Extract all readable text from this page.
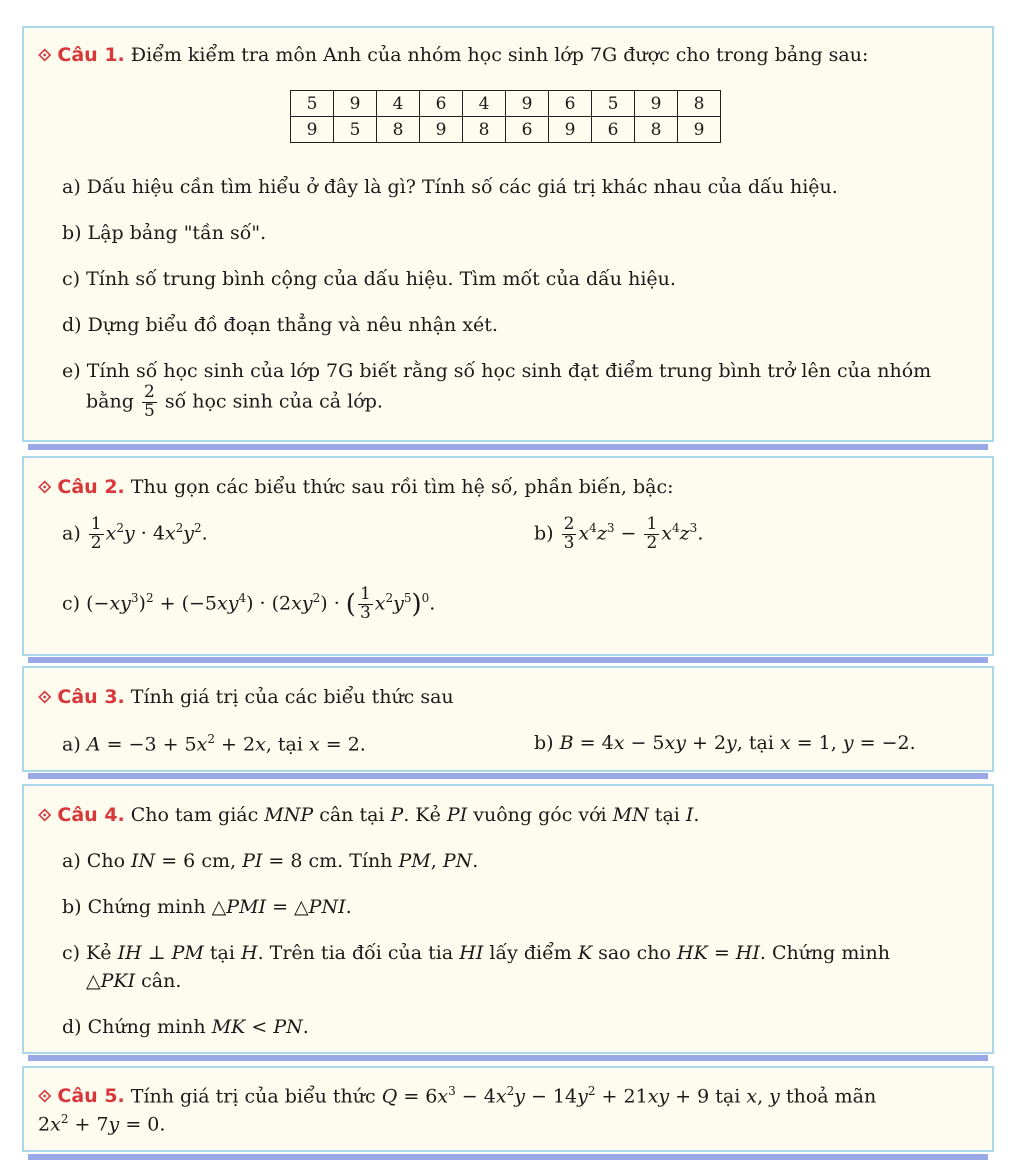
⟐ Câu 1. Điểm kiểm tra môn Anh của nhóm học sinh lớp 7G được cho trong bảng sau:
5	9	4	6	4	9	6	5	9	8
9	5	8	9	8	6	9	6	8	9
a) Dấu hiệu cần tìm hiểu ở đây là gì? Tính số các giá trị khác nhau của dấu hiệu.
b) Lập bảng "tần số".
c) Tính số trung bình cộng của dấu hiệu. Tìm mốt của dấu hiệu.
d) Dựng biểu đồ đoạn thẳng và nêu nhận xét.
e) Tính số học sinh của lớp 7G biết rằng số học sinh đạt điểm trung bình trở lên của nhóm
bằng $\frac{2}{5}$ số học sinh của cả lớp.
⟐ Câu 2. Thu gọn các biểu thức sau rồi tìm hệ số, phần biến, bậc:
$a) \frac{1}{2} x^2y \cdot 4x^2y^2$.	$b) \frac{2}{3} x^4z^3 - \frac{1}{2} x^4z^3$.
c) $(-xy^3)^2 + (-5xy^4) \cdot (2xy^2)$ · ( $\frac{1}{3} x^2y^5)^0$.
⟐ Câu 3. Tính giá trị của các biểu thức sau
a) $A = -3 + 5x^2 + 2x$, tại x = 2.	b) B = 4x − 5xy + 2y, tại x = 1, y = −2.
⟐ Câu 4. Cho tam giác MNP cân tại P. Kẻ PI vuông góc với MN tại I.
a) Cho IN = 6 cm, PI = 8 cm. Tính PM, PN.
b) Chứng minh △PMI = △PNI.
c) Kẻ IH ⊥ PM tại H. Trên tia đối của tia HI lấy điểm K sao cho HK = HI. Chứng minh
△PKI cân.
d) Chứng minh MK < PN.
⟐ Câu 5. Tính giá trị của biểu thức $Q = 6x^3 - 4x^2y - 14y^2 + 21xy + 9$ tại x, y thoả mãn
$2x^2 + 7y = 0$.
